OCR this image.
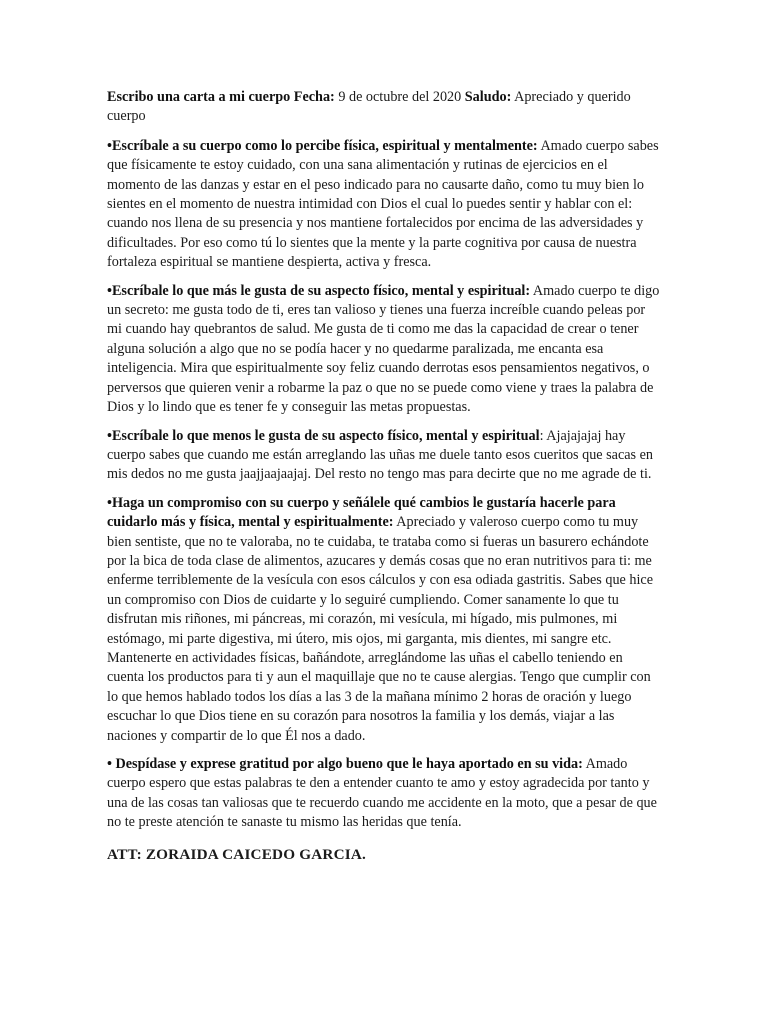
Escribo una carta a mi cuerpo Fecha: 9 de octubre del 2020 Saludo: Apreciado y querido cuerpo

•Escríbale a su cuerpo como lo percibe física, espiritual y mentalmente: Amado cuerpo sabes que físicamente te estoy cuidado, con una sana alimentación y rutinas de ejercicios en el momento de las danzas y estar en el peso indicado para no causarte daño, como tu muy bien lo sientes en el momento de nuestra intimidad con Dios el cual lo puedes sentir y hablar con el: cuando nos llena de su presencia y nos mantiene fortalecidos por encima de las adversidades y dificultades. Por eso como tú lo sientes que la mente y la parte cognitiva por causa de nuestra fortaleza espiritual se mantiene despierta, activa y fresca.

•Escríbale lo que más le gusta de su aspecto físico, mental y espiritual: Amado cuerpo te digo un secreto: me gusta todo de ti, eres tan valioso y tienes una fuerza increíble cuando peleas por mi cuando hay quebrantos de salud. Me gusta de ti como me das la capacidad de crear o tener alguna solución a algo que no se podía hacer y no quedarme paralizada, me encanta esa inteligencia. Mira que espiritualmente soy feliz cuando derrotas esos pensamientos negativos, o perversos que quieren venir a robarme la paz o que no se puede como viene y traes la palabra de Dios y lo lindo que es tener fe y conseguir las metas propuestas.

•Escríbale lo que menos le gusta de su aspecto físico, mental y espiritual: Ajajajajaj hay cuerpo sabes que cuando me están arreglando las uñas me duele tanto esos cueritos que sacas en mis dedos no me gusta jaajjaajaajaj. Del resto no tengo mas para decirte que no me agrade de ti.

•Haga un compromiso con su cuerpo y señálele qué cambios le gustaría hacerle para cuidarlo más y física, mental y espiritualmente: Apreciado y valeroso cuerpo como tu muy bien sentiste, que no te valoraba, no te cuidaba, te trataba como si fueras un basurero echándote por la bica de toda clase de alimentos, azucares y demás cosas que no eran nutritivos para ti: me enferme terriblemente de la vesícula con esos cálculos y con esa odiada gastritis. Sabes que hice un compromiso con Dios de cuidarte y lo seguiré cumpliendo. Comer sanamente lo que tu disfrutan mis riñones, mi páncreas, mi corazón, mi vesícula, mi hígado, mis pulmones, mi estómago, mi parte digestiva, mi útero, mis ojos, mi garganta, mis dientes, mi sangre etc. Mantenerte en actividades físicas, bañándote, arreglándome las uñas el cabello teniendo en cuenta los productos para ti y aun el maquillaje que no te cause alergias. Tengo que cumplir con lo que hemos hablado todos los días a las 3 de la mañana mínimo 2 horas de oración y luego escuchar lo que Dios tiene en su corazón para nosotros la familia y los demás, viajar a las naciones y compartir de lo que Él nos a dado.

• Despídase y exprese gratitud por algo bueno que le haya aportado en su vida: Amado cuerpo espero que estas palabras te den a entender cuanto te amo y estoy agradecida por tanto y una de las cosas tan valiosas que te recuerdo cuando me accidente en la moto, que a pesar de que no te preste atención te sanaste tu mismo las heridas que tenía.

ATT: ZORAIDA CAICEDO GARCIA.
